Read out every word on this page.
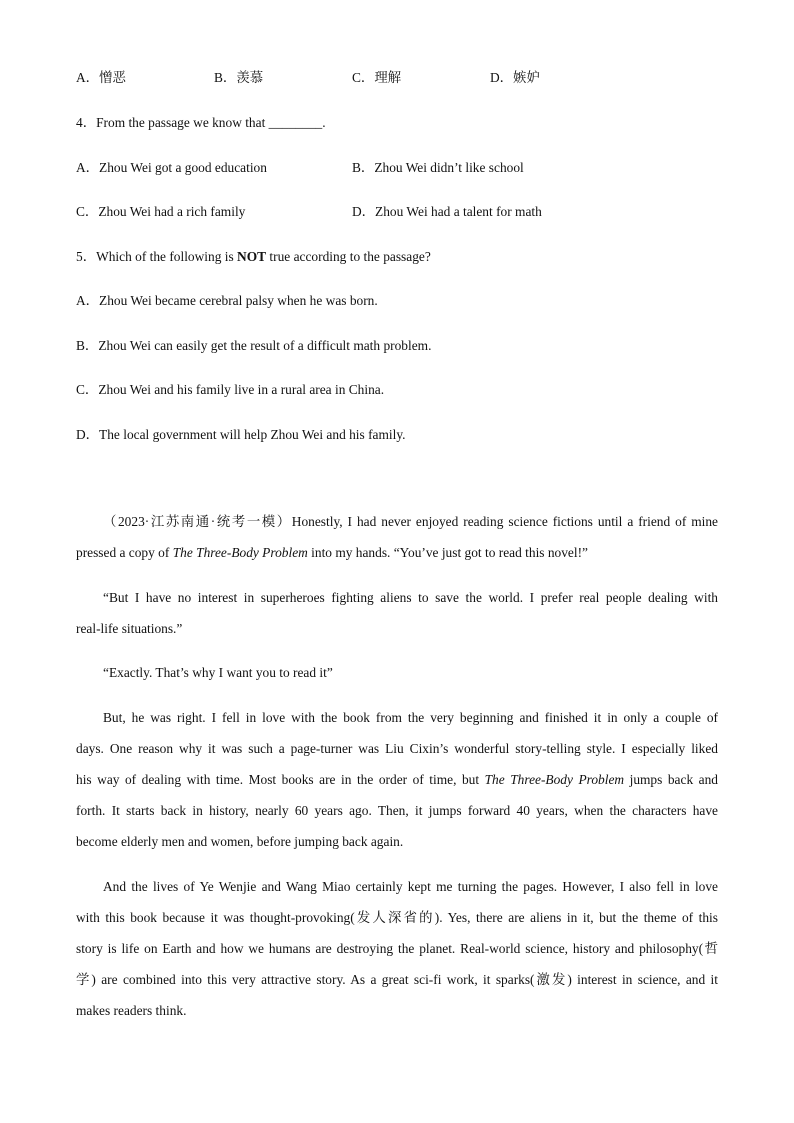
A．憎恶	B．羡慕	C．理解	D．嫉妒
4．From the passage we know that ________.
A．Zhou Wei got a good education	B．Zhou Wei didn’t like school
C．Zhou Wei had a rich family	D．Zhou Wei had a talent for math
5．Which of the following is NOT true according to the passage?
A．Zhou Wei became cerebral palsy when he was born.
B．Zhou Wei can easily get the result of a difficult math problem.
C．Zhou Wei and his family live in a rural area in China.
D．The local government will help Zhou Wei and his family.
（2023·江苏南通·统考一模）Honestly, I had never enjoyed reading science fictions until a friend of mine
pressed a copy of The Three-Body Problem into my hands. “You’ve just got to read this novel!”
“But I have no interest in superheroes fighting aliens to save the world. I prefer real people dealing with
real-life situations.”
“Exactly. That’s why I want you to read it”
But, he was right. I fell in love with the book from the very beginning and finished it in only a couple of
days. One reason why it was such a page-turner was Liu Cixin’s wonderful story-telling style. I especially liked
his way of dealing with time. Most books are in the order of time, but The Three-Body Problem jumps back and
forth. It starts back in history, nearly 60 years ago. Then, it jumps forward 40 years, when the characters have
become elderly men and women, before jumping back again.
And the lives of Ye Wenjie and Wang Miao certainly kept me turning the pages. However, I also fell in love
with this book because it was thought-provoking(发人深省的). Yes, there are aliens in it, but the theme of this
story is life on Earth and how we humans are destroying the planet. Real-world science, history and philosophy(哲
学) are combined into this very attractive story. As a great sci-fi work, it sparks(激发) interest in science, and it
makes readers think.
